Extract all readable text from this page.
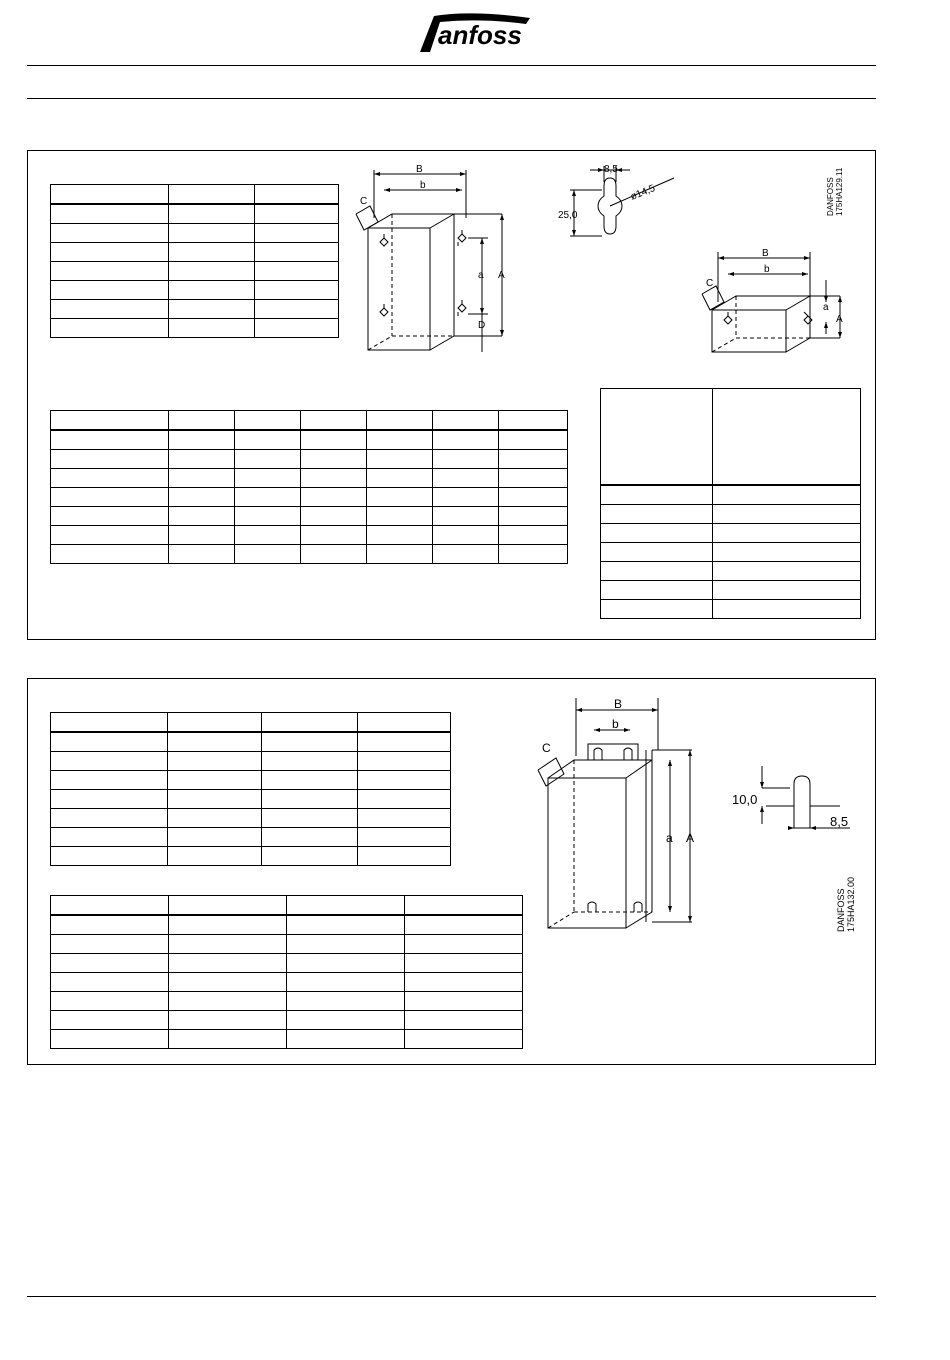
anfoss

B
b
C
a A
D
8,5
25,0
ø14,5	DANFOSS 175HA129.11
B
b
C
a
A

B
b
C
a A
10,0
8,5
DANFOSS 175HA132.00
